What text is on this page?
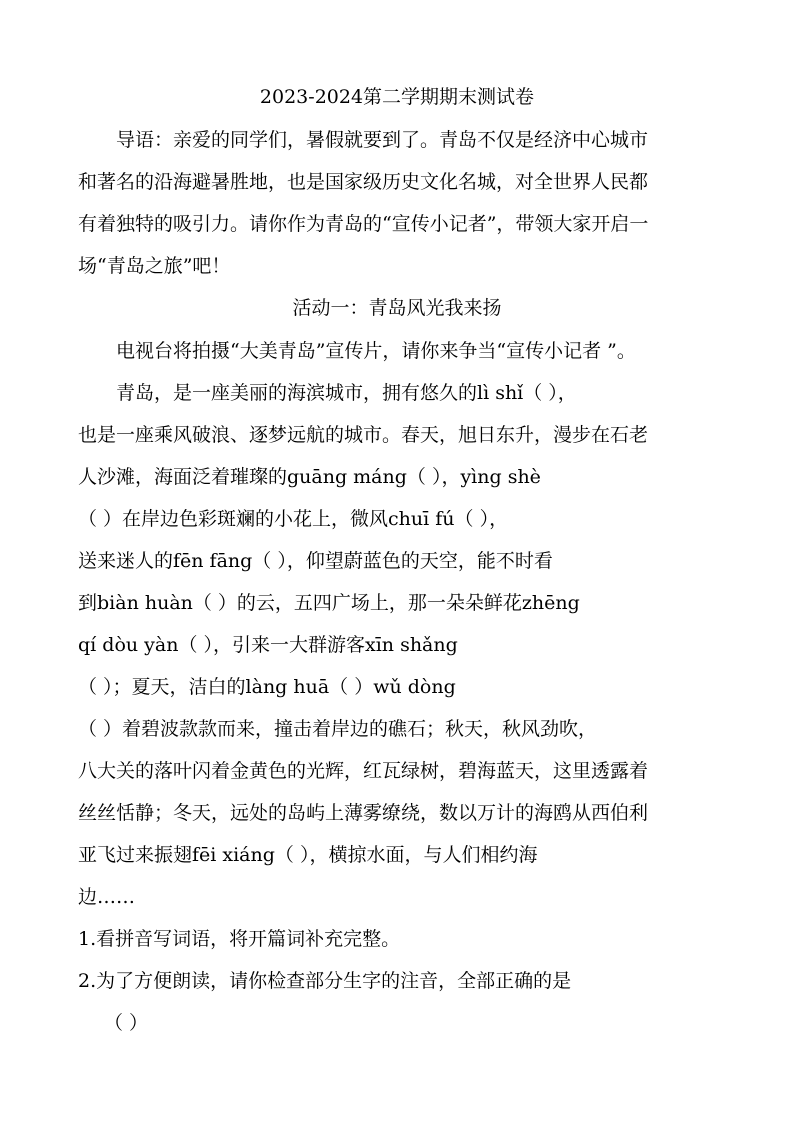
2023-2024第二学期期末测试卷
导语：亲爱的同学们，暑假就要到了。青岛不仅是经济中心城市
和著名的沿海避暑胜地，也是国家级历史文化名城，对全世界人民都
有着独特的吸引力。请你作为青岛的“宣传小记者”，带领大家开启一
场“青岛之旅”吧！
活动一：青岛风光我来扬
电视台将拍摄“大美青岛”宣传片，请你来争当“宣传小记者 ”。
青岛，是一座美丽的海滨城市，拥有悠久的lì shǐ（ ），
也是一座乘风破浪、逐梦远航的城市。春天，旭日东升，漫步在石老
人沙滩，海面泛着璀璨的guāng máng（ ），yìng shè
（ ）在岸边色彩斑斓的小花上，微风chuī fú（ ），
送来迷人的fēn fāng（ ），仰望蔚蓝色的天空，能不时看
到biàn huàn（ ）的云，五四广场上，那一朵朵鲜花zhēng
qí dòu yàn（ ），引来一大群游客xīn shǎng
（ ）；夏天，洁白的làng huā（ ）wǔ dòng
（ ）着碧波款款而来，撞击着岸边的礁石；秋天，秋风劲吹，
八大关的落叶闪着金黄色的光辉，红瓦绿树，碧海蓝天，这里透露着
丝丝恬静；冬天，远处的岛屿上薄雾缭绕，数以万计的海鸥从西伯利
亚飞过来振翅fēi xiáng（ ），横掠水面，与人们相约海
边……
1.看拼音写词语，将开篇词补充完整。
2.为了方便朗读，请你检查部分生字的注音，全部正确的是
（ ）
